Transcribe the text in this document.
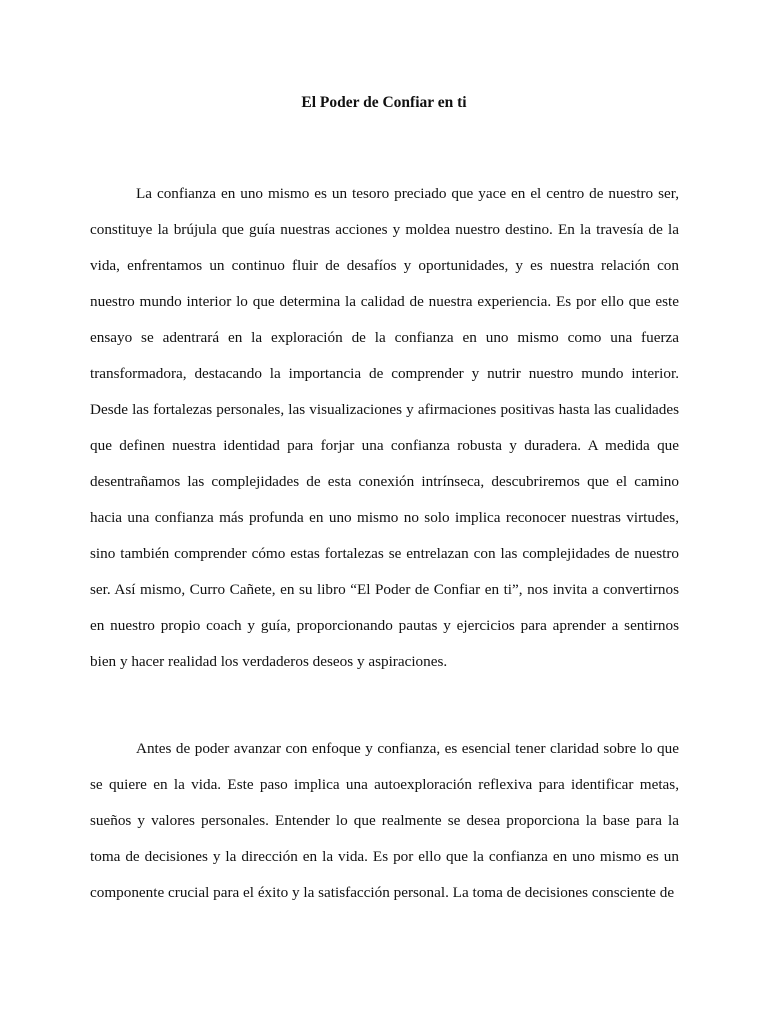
El Poder de Confiar en ti

La confianza en uno mismo es un tesoro preciado que yace en el centro de nuestro ser, constituye la brújula que guía nuestras acciones y moldea nuestro destino. En la travesía de la vida, enfrentamos un continuo fluir de desafíos y oportunidades, y es nuestra relación con nuestro mundo interior lo que determina la calidad de nuestra experiencia. Es por ello que este ensayo se adentrará en la exploración de la confianza en uno mismo como una fuerza transformadora, destacando la importancia de comprender y nutrir nuestro mundo interior. Desde las fortalezas personales, las visualizaciones y afirmaciones positivas hasta las cualidades que definen nuestra identidad para forjar una confianza robusta y duradera. A medida que desentrañamos las complejidades de esta conexión intrínseca, descubriremos que el camino hacia una confianza más profunda en uno mismo no solo implica reconocer nuestras virtudes, sino también comprender cómo estas fortalezas se entrelazan con las complejidades de nuestro ser. Así mismo, Curro Cañete, en su libro “El Poder de Confiar en ti”, nos invita a convertirnos en nuestro propio coach y guía, proporcionando pautas y ejercicios para aprender a sentirnos bien y hacer realidad los verdaderos deseos y aspiraciones.

Antes de poder avanzar con enfoque y confianza, es esencial tener claridad sobre lo que se quiere en la vida. Este paso implica una autoexploración reflexiva para identificar metas, sueños y valores personales. Entender lo que realmente se desea proporciona la base para la toma de decisiones y la dirección en la vida. Es por ello que la confianza en uno mismo es un componente crucial para el éxito y la satisfacción personal. La toma de decisiones consciente de
